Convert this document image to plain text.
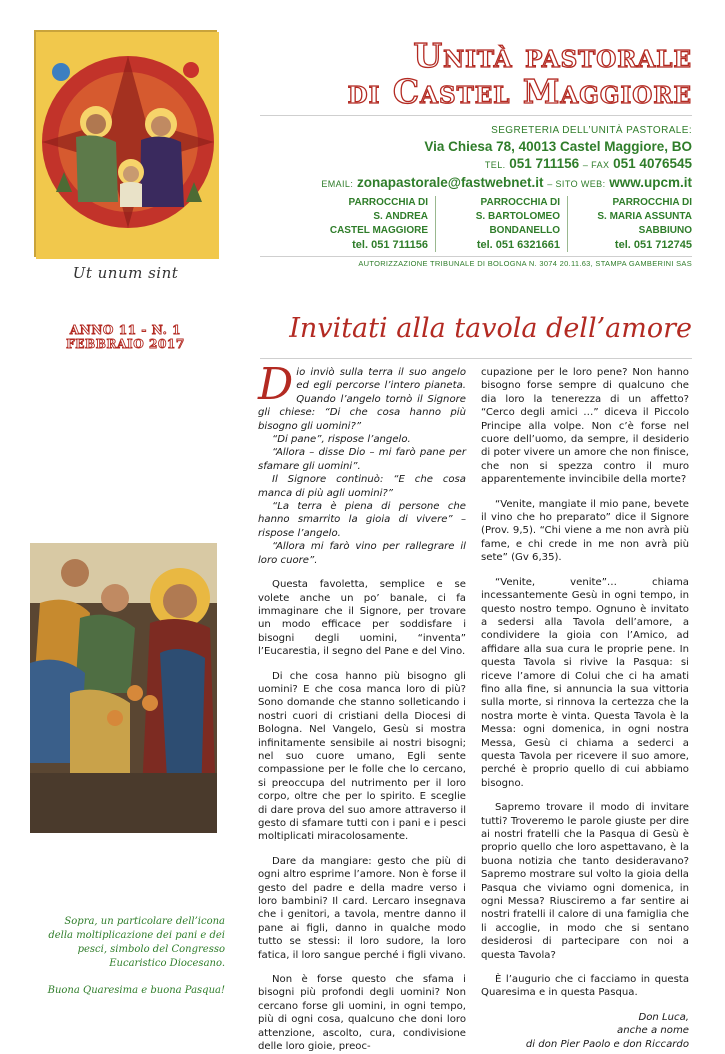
Ut unum sint
Unità pastorale
di Castel Maggiore
SEGRETERIA DELL’UNITÀ PASTORALE:
Via Chiesa 78, 40013 Castel Maggiore, BO
TEL. 051 711156 – FAX 051 4076545
EMAIL: zonapastorale@fastwebnet.it – SITO WEB: www.upcm.it
PARROCCHIA DI
S. ANDREA
CASTEL MAGGIORE
tel. 051 711156
PARROCCHIA DI
S. BARTOLOMEO
BONDANELLO
tel. 051 6321661
PARROCCHIA DI
S. MARIA ASSUNTA
SABBIUNO
tel. 051 712745
AUTORIZZAZIONE TRIBUNALE DI BOLOGNA N. 3074 20.11.63, STAMPA GAMBERINI SAS
ANNO 11 - N. 1
FEBBRAIO 2017	Invitati alla tavola dell’amore
Sopra, un particolare dell’icona della moltiplicazione dei pani e dei pesci, simbolo del Congresso Eucaristico Diocesano.
Buona Quaresima e buona Pasqua!

Dio inviò sulla terra il suo angelo ed egli percorse l’intero pianeta. Quando l’angelo tornò il Signore gli chiese: “Di che cosa hanno più bisogno gli uomini?”

“Di pane”, rispose l’angelo.

“Allora – disse Dio – mi farò pane per sfamare gli uomini”.

Il Signore continuò: “E che cosa manca di più agli uomini?”

“La terra è piena di persone che hanno smarrito la gioia di vivere” – rispose l’angelo.

“Allora mi farò vino per rallegrare il loro cuore”.

Questa favoletta, semplice e se volete anche un po’ banale, ci fa immaginare che il Signore, per trovare un modo efficace per soddisfare i bisogni degli uomini, “inventa” l’Eucarestia, il segno del Pane e del Vino.

Di che cosa hanno più bisogno gli uomini? E che cosa manca loro di più? Sono domande che stanno solleticando i nostri cuori di cristiani della Diocesi di Bologna. Nel Vangelo, Gesù si mostra infinitamente sensibile ai nostri bisogni; nel suo cuore umano, Egli sente compassione per le folle che lo cercano, si preoccupa del nutrimento per il loro corpo, oltre che per lo spirito. E sceglie di dare prova del suo amore attraverso il gesto di sfamare tutti con i pani e i pesci moltiplicati miracolosamente.

Dare da mangiare: gesto che più di ogni altro esprime l’amore. Non è forse il gesto del padre e della madre verso i loro bambini? Il card. Lercaro insegnava che i genitori, a tavola, mentre danno il pane ai figli, danno in qualche modo tutto se stessi: il loro sudore, la loro fatica, il loro sangue perché i figli vivano.

Non è forse questo che sfama i bisogni più profondi degli uomini? Non cercano forse gli uomini, in ogni tempo, più di ogni cosa, qualcuno che doni loro attenzione, ascolto, cura, condivisione delle loro gioie, preoc-

cupazione per le loro pene? Non hanno bisogno forse sempre di qualcuno che dia loro la tenerezza di un affetto? “Cerco degli amici …” diceva il Piccolo Principe alla volpe. Non c’è forse nel cuore dell’uomo, da sempre, il desiderio di poter vivere un amore che non finisce, che non si spezza contro il muro apparentemente invincibile della morte?

“Venite, mangiate il mio pane, bevete il vino che ho preparato” dice il Signore (Prov. 9,5). “Chi viene a me non avrà più fame, e chi crede in me non avrà più sete” (Gv 6,35).

“Venite, venite”… chiama incessantemente Gesù in ogni tempo, in questo nostro tempo. Ognuno è invitato a sedersi alla Tavola dell’amore, a condividere la gioia con l’Amico, ad affidare alla sua cura le proprie pene. In questa Tavola si rivive la Pasqua: si riceve l’amore di Colui che ci ha amati fino alla fine, si annuncia la sua vittoria sulla morte, si rinnova la certezza che la nostra morte è vinta. Questa Tavola è la Messa: ogni domenica, in ogni nostra Messa, Gesù ci chiama a sederci a questa Tavola per ricevere il suo amore, perché è proprio quello di cui abbiamo bisogno.

Sapremo trovare il modo di invitare tutti? Troveremo le parole giuste per dire ai nostri fratelli che la Pasqua di Gesù è proprio quello che loro aspettavano, è la buona notizia che tanto desideravano? Sapremo mostrare sul volto la gioia della Pasqua che viviamo ogni domenica, in ogni Messa? Riusciremo a far sentire ai nostri fratelli il calore di una famiglia che li accoglie, in modo che si sentano desiderosi di partecipare con noi a questa Tavola?

È l’augurio che ci facciamo in questa Quaresima e in questa Pasqua.

Don Luca,

anche a nome

di don Pier Paolo e don Riccardo
